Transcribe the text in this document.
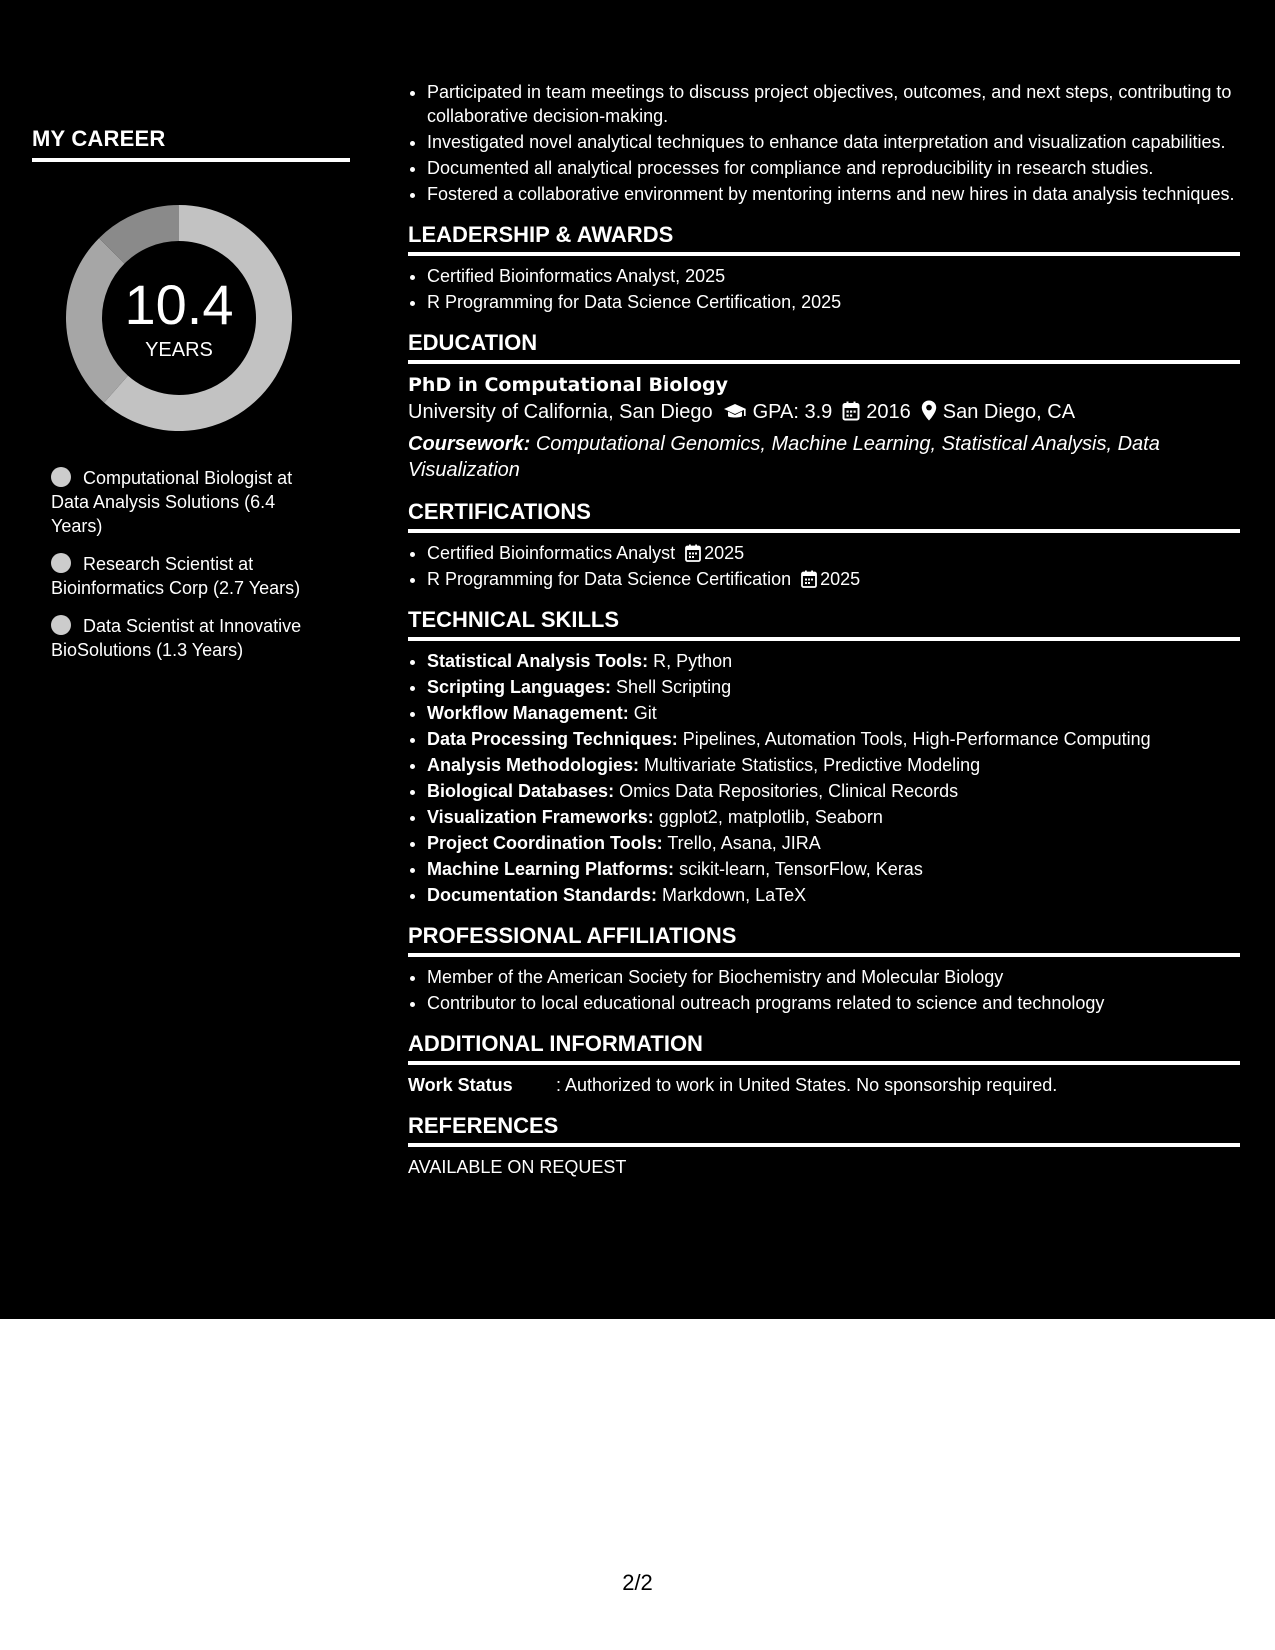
MY CAREER
10.4
YEARS
Computational Biologist at Data Analysis Solutions (6.4 Years)
Research Scientist at Bioinformatics Corp (2.7 Years)
Data Scientist at Innovative BioSolutions (1.3 Years)
• Participated in team meetings to discuss project objectives, outcomes, and next steps, contributing to collaborative decision-making.
• Investigated novel analytical techniques to enhance data interpretation and visualization capabilities.
• Documented all analytical processes for compliance and reproducibility in research studies.
• Fostered a collaborative environment by mentoring interns and new hires in data analysis techniques.
LEADERSHIP & AWARDS
• Certified Bioinformatics Analyst, 2025
• R Programming for Data Science Certification, 2025
EDUCATION
PhD in Computational Biology
University of California, San Diego GPA: 3.9 2016 San Diego, CA
Coursework: Computational Genomics, Machine Learning, Statistical Analysis, Data Visualization
CERTIFICATIONS
• Certified Bioinformatics Analyst 2025
• R Programming for Data Science Certification 2025
TECHNICAL SKILLS
• Statistical Analysis Tools: R, Python
• Scripting Languages: Shell Scripting
• Workflow Management: Git
• Data Processing Techniques: Pipelines, Automation Tools, High-Performance Computing
• Analysis Methodologies: Multivariate Statistics, Predictive Modeling
• Biological Databases: Omics Data Repositories, Clinical Records
• Visualization Frameworks: ggplot2, matplotlib, Seaborn
• Project Coordination Tools: Trello, Asana, JIRA
• Machine Learning Platforms: scikit-learn, TensorFlow, Keras
• Documentation Standards: Markdown, LaTeX
PROFESSIONAL AFFILIATIONS
• Member of the American Society for Biochemistry and Molecular Biology
• Contributor to local educational outreach programs related to science and technology
ADDITIONAL INFORMATION
Work Status : Authorized to work in United States. No sponsorship required.
REFERENCES
AVAILABLE ON REQUEST
2/2
